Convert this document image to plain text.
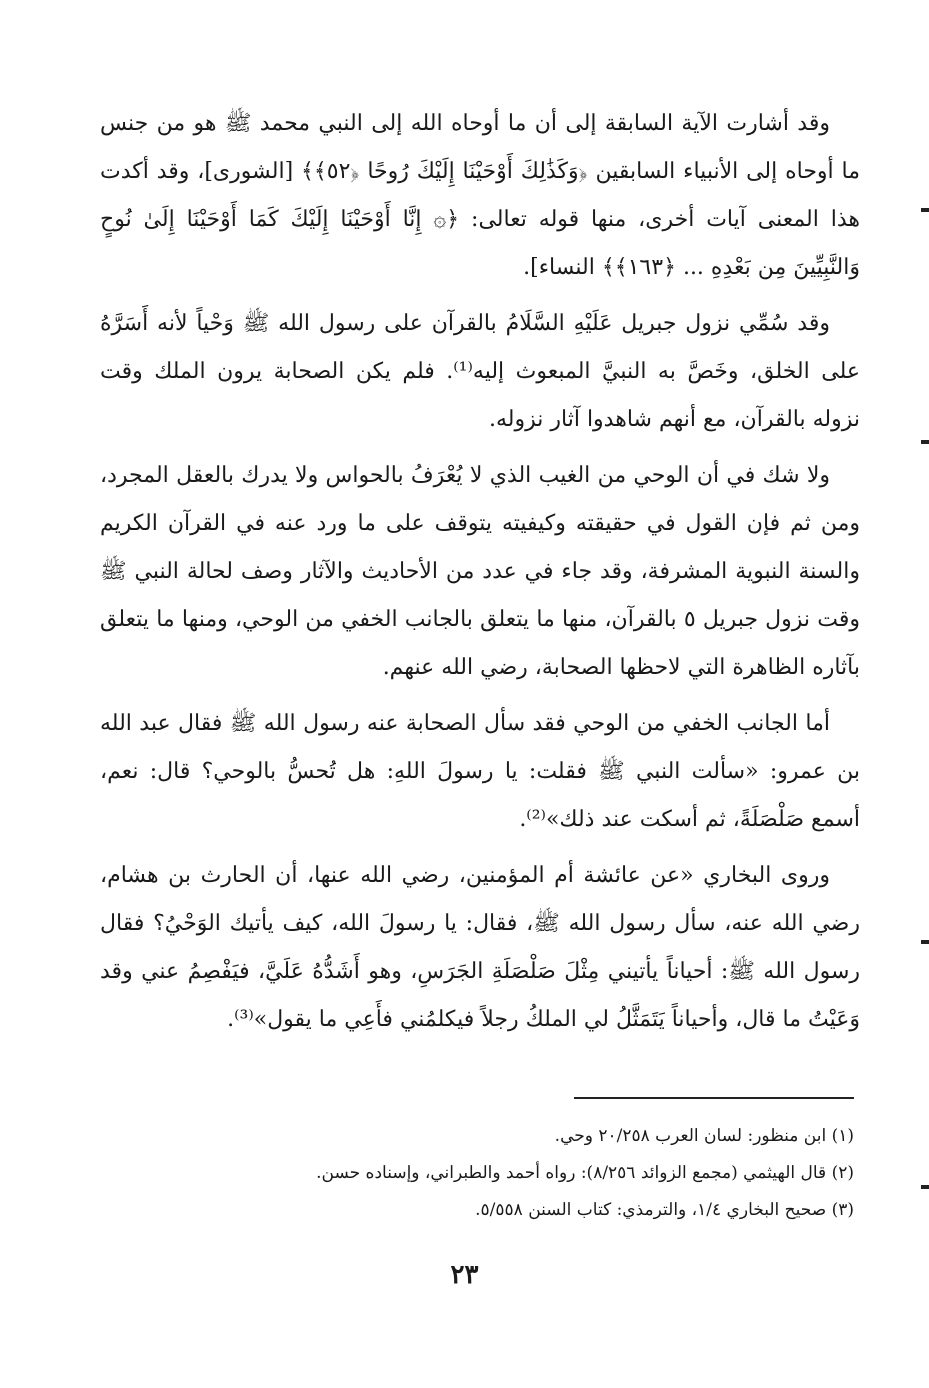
وقد أشارت الآية السابقة إلى أن ما أوحاه الله إلى النبي محمد ﷺ هو من جنس ما أوحاه إلى الأنبياء السابقين ﴿وَكَذَٰلِكَ أَوْحَيْنَا إِلَيْكَ رُوحًا ﴿٥٢﴾﴾ [الشورى]، وقد أكدت هذا المعنى آيات أخرى، منها قوله تعالى: ﴿۞ إِنَّا أَوْحَيْنَا إِلَيْكَ كَمَا أَوْحَيْنَا إِلَىٰ نُوحٍ وَالنَّبِيِّينَ مِن بَعْدِهِ ... ﴿١٦٣﴾﴾ النساء].

وقد سُمِّي نزول جبريل عَلَيْهِ السَّلَامُ بالقرآن على رسول الله ﷺ وَحْياً لأنه أَسَرَّهُ على الخلق، وخَصَّ به النبيَّ المبعوث إليه⁽¹⁾. فلم يكن الصحابة يرون الملك وقت نزوله بالقرآن، مع أنهم شاهدوا آثار نزوله.

ولا شك في أن الوحي من الغيب الذي لا يُعْرَفُ بالحواس ولا يدرك بالعقل المجرد، ومن ثم فإن القول في حقيقته وكيفيته يتوقف على ما ورد عنه في القرآن الكريم والسنة النبوية المشرفة، وقد جاء في عدد من الأحاديث والآثار وصف لحالة النبي ﷺ وقت نزول جبريل ٥ بالقرآن، منها ما يتعلق بالجانب الخفي من الوحي، ومنها ما يتعلق بآثاره الظاهرة التي لاحظها الصحابة، رضي الله عنهم.

أما الجانب الخفي من الوحي فقد سأل الصحابة عنه رسول الله ﷺ فقال عبد الله بن عمرو: «سألت النبي ﷺ فقلت: يا رسولَ اللهِ: هل تُحسُّ بالوحي؟ قال: نعم، أسمع صَلْصَلَةً، ثم أسكت عند ذلك»⁽²⁾.

وروى البخاري «عن عائشة أم المؤمنين، رضي الله عنها، أن الحارث بن هشام، رضي الله عنه، سأل رسول الله ﷺ، فقال: يا رسولَ الله، كيف يأتيك الوَحْيُ؟ فقال رسول الله ﷺ: أحياناً يأتيني مِثْلَ صَلْصَلَةِ الجَرَسِ، وهو أَشَدُّهُ عَلَيَّ، فيَفْصِمُ عني وقد وَعَيْتُ ما قال، وأحياناً يَتَمَثَّلُ لي الملكُ رجلاً فيكلمُني فأَعِي ما يقول»⁽³⁾.

(١) ابن منظور: لسان العرب ٢٠/٢٥٨ وحي.

(٢) قال الهيثمي (مجمع الزوائد ٨/٢٥٦): رواه أحمد والطبراني، وإسناده حسن.

(٣) صحيح البخاري ١/٤، والترمذي: كتاب السنن ٥/٥٥٨.

٢٣
